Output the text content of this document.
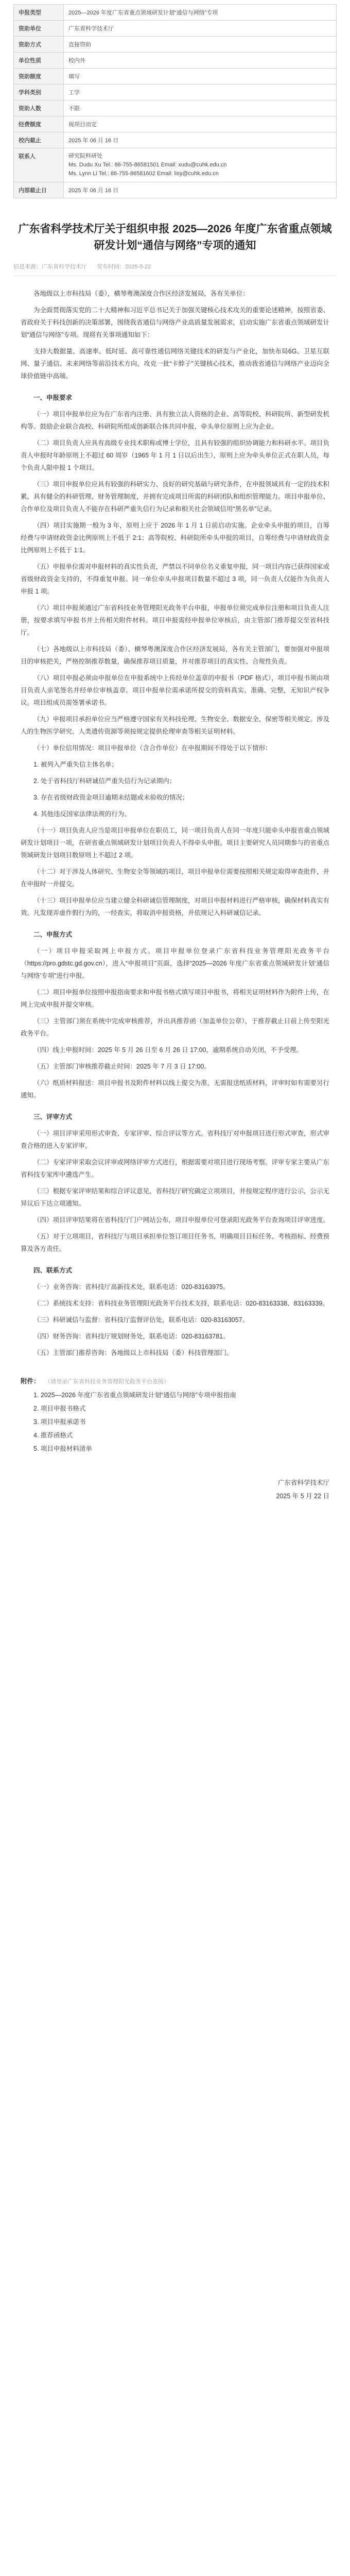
申报类型	2025—2026 年度广东省重点领域研发计划“通信与网络”专项
资助单位	广东省科学技术厅
资助方式	直接资助
单位性质	校内外
资助额度	填写
学科类别	工学
资助人数	不限
经费额度	视项目而定
校内截止	2025 年 06 月 16 日
联系人	研究院科研处
Ms. Dudu Xu Tel.: 86-755-86581501 Email: xudu@cuhk.edu.cn
Ms. Lynn Li Tel.: 86-755-86581602 Email: lisy@cuhk.edu.cn

内部截止日	2025 年 06 月 16 日
广东省科学技术厅关于组织申报 2025—2026 年度广东省重点领域研发计划“通信与网络”专项的通知
信息来源：广东省科学技术厅 发布时间：2025-5-22

各地级以上市科技局（委），横琴粤澳深度合作区经济发展局，各有关单位：

为全面贯彻落实党的二十大精神和习近平总书记关于加强关键核心技术攻关的重要论述精神，按照省委、省政府关于科技创新的决策部署，围绕我省通信与网络产业高质量发展需求，启动实施广东省重点领域研发计划“通信与网络”专项。现将有关事项通知如下：

支持大数据量、高速率、低时延、高可靠性通信网络关键技术的研发与产业化，加快布局6G、卫星互联网、量子通信、未来网络等前沿技术方向，攻克一批“卡脖子”关键核心技术，推动我省通信与网络产业迈向全球价值链中高端。

一、申报要求

（一）项目申报单位应为在广东省内注册、具有独立法人资格的企业、高等院校、科研院所、新型研发机构等。鼓励企业联合高校、科研院所组成创新联合体共同申报，牵头单位原则上应为企业。

（二）项目负责人应具有高级专业技术职称或博士学位，且具有较强的组织协调能力和科研水平。项目负责人申报时年龄原则上不超过 60 周岁（1965 年 1 月 1 日以后出生），原则上应为牵头单位正式在职人员，每个负责人限申报 1 个项目。

（三）项目申报单位应具有较强的科研实力、良好的研究基础与研究条件，在申报领域具有一定的技术积累，具有健全的科研管理、财务管理制度，并拥有完成项目所需的科研团队和组织管理能力。项目申报单位、合作单位及项目负责人不能存在科研严重失信行为记录和相关社会领域信用“黑名单”记录。

（四）项目实施期一般为 3 年，原则上应于 2026 年 1 月 1 日前启动实施。企业牵头申报的项目，自筹经费与申请财政资金比例原则上不低于 2:1；高等院校、科研院所牵头申报的项目，自筹经费与申请财政资金比例原则上不低于 1:1。

（五）申报单位需对申报材料的真实性负责，严禁以不同单位名义重复申报，同一项目内容已获得国家或省级财政资金支持的，不得重复申报。同一单位牵头申报项目数量不超过 3 项，同一负责人仅能作为负责人申报 1 项。

（六）项目申报须通过广东省科技业务管理阳光政务平台申报，申报单位须完成单位注册和项目负责人注册，按要求填写申报书并上传相关附件材料。项目申报需经申报单位审核后，由主管部门推荐提交至省科技厅。

（七）各地级以上市科技局（委）、横琴粤澳深度合作区经济发展局，各有关主管部门，要加强对申报项目的审核把关，严格控制推荐数量，确保推荐项目质量，并对推荐项目的真实性、合规性负责。

（八）项目申报必须由申报单位在申报系统中上传经单位盖章的申报书（PDF 格式），项目申报书须由项目负责人亲笔签名并经单位审核盖章。项目申报单位需承诺所提交的资料真实、准确、完整，无知识产权争议。项目组成员需签署承诺书。

（九）申报项目承担单位应当严格遵守国家有关科技伦理、生物安全、数据安全、保密等相关规定。涉及人的生物医学研究、人类遗传资源等须按规定提供伦理审查等相关证明材料。

（十）单位信用情况：项目申报单位（含合作单位）在申报期间不得处于以下情形：

1. 被列入严重失信主体名单；

2. 处于省科技厅科研诚信严重失信行为记录期内；

3. 存在省级财政资金项目逾期未结题或未验收的情况；

4. 其他违反国家法律法规的行为。

（十一）项目负责人应当是项目申报单位在职员工，同一项目负责人在同一年度只能牵头申报省重点领域研发计划项目一项，在研省重点领域研发计划项目负责人不得牵头申报。项目主要研究人员同期参与的省重点领域研发计划项目数原则上不超过 2 项。

（十二）对于涉及人体研究、生物安全等领域的项目，项目申报单位需要按照相关规定取得审查批件，并在申报时一并提交。

（十三）项目申报单位应当建立健全科研诚信管理制度，对项目申报材料进行严格审核，确保材料真实有效。凡发现弄虚作假行为的，一经查实，将取消申报资格，并依规记入科研诚信记录。

二、申报方式

（一）项目申报采取网上申报方式。项目申报单位登录广东省科技业务管理阳光政务平台（https://pro.gdstc.gd.gov.cn），进入“申报项目”页面，选择“2025—2026 年度广东省重点领域研发计划‘通信与网络’专项”进行申报。

（二）项目申报单位按照申报指南要求和申报书格式填写项目申报书，将相关证明材料作为附件上传，在网上完成申报并提交审核。

（三）主管部门须在系统中完成审核推荐，并出具推荐函（加盖单位公章），于推荐截止日前上传至阳光政务平台。

（四）线上申报时间：2025 年 5 月 26 日至 6 月 26 日 17:00，逾期系统自动关闭，不予受理。

（五）主管部门审核推荐截止时间：2025 年 7 月 3 日 17:00。

（六）纸质材料报送：项目申报书及附件材料以线上提交为准，无需报送纸质材料，评审时如有需要另行通知。

三、评审方式

（一）项目评审采用形式审查、专家评审、综合评议等方式。省科技厅对申报项目进行形式审查，形式审查合格的进入专家评审。

（二）专家评审采取会议评审或网络评审方式进行，根据需要对项目进行现场考察。评审专家主要从广东省科技专家库中遴选产生。

（三）根据专家评审结果和综合评议意见，省科技厅研究确定立项项目，并按规定程序进行公示，公示无异议后下达立项通知。

（四）项目评审结果将在省科技厅门户网站公布，项目申报单位可登录阳光政务平台查询项目评审进度。

（五）对于立项项目，省科技厅与项目承担单位签订项目任务书，明确项目目标任务、考核指标、经费预算及各方责任。

四、联系方式

（一）业务咨询：省科技厅高新技术处，联系电话：020-83163975。

（二）系统技术支持：省科技业务管理阳光政务平台技术支持，联系电话：020-83163338、83163339。

（三）科研诚信与监督：省科技厅监督评估处，联系电话：020-83163057。

（四）财务咨询：省科技厅规划财务处，联系电话：020-83163781。

（五）主管部门推荐咨询：各地级以上市科技局（委）科技管理部门。

附件： （请登录广东省科技业务管理阳光政务平台查阅）
1. 2025—2026 年度广东省重点领域研发计划“通信与网络”专项申报指南
2. 项目申报书格式
3. 项目申报承诺书
4. 推荐函格式
5. 项目申报材料清单
广东省科学技术厅
2025 年 5 月 22 日
